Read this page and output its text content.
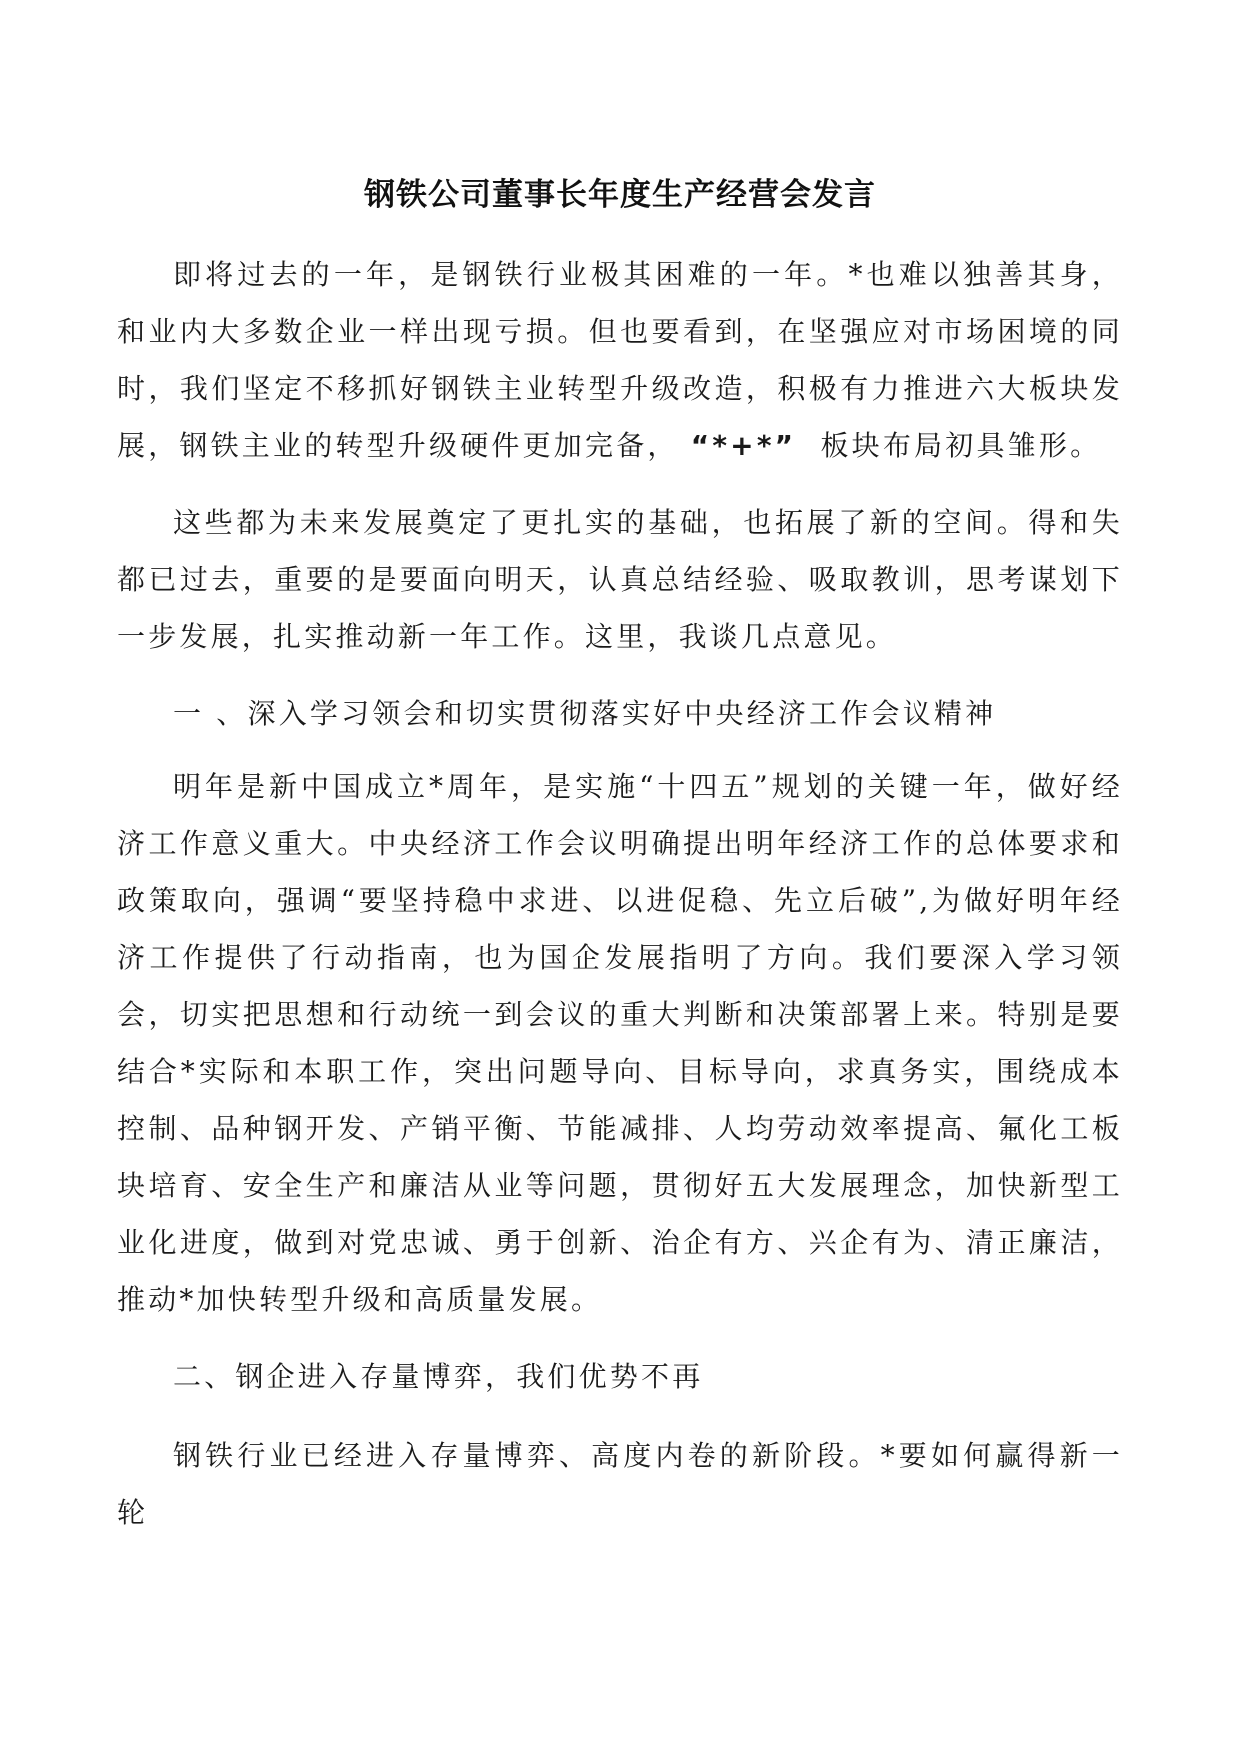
钢铁公司董事长年度生产经营会发言

即将过去的一年，是钢铁行业极其困难的一年。*也难以独善其身，和业内大多数企业一样出现亏损。但也要看到，在坚强应对市场困境的同时，我们坚定不移抓好钢铁主业转型升级改造，积极有力推进六大板块发展，钢铁主业的转型升级硬件更加完备， “*+*” 板块布局初具雏形。

这些都为未来发展奠定了更扎实的基础，也拓展了新的空间。得和失都已过去，重要的是要面向明天，认真总结经验、吸取教训，思考谋划下一步发展，扎实推动新一年工作。这里，我谈几点意见。

一 、深入学习领会和切实贯彻落实好中央经济工作会议精神

明年是新中国成立*周年，是实施“十四五”规划的关键一年，做好经济工作意义重大。中央经济工作会议明确提出明年经济工作的总体要求和政策取向，强调“要坚持稳中求进、以进促稳、先立后破”,为做好明年经济工作提供了行动指南，也为国企发展指明了方向。我们要深入学习领会，切实把思想和行动统一到会议的重大判断和决策部署上来。特别是要结合*实际和本职工作，突出问题导向、目标导向，求真务实，围绕成本控制、品种钢开发、产销平衡、节能减排、人均劳动效率提高、氟化工板块培育、安全生产和廉洁从业等问题，贯彻好五大发展理念，加快新型工业化进度，做到对党忠诚、勇于创新、治企有方、兴企有为、清正廉洁，推动*加快转型升级和高质量发展。

二、钢企进入存量博弈，我们优势不再

钢铁行业已经进入存量博弈、高度内卷的新阶段。*要如何赢得新一轮
